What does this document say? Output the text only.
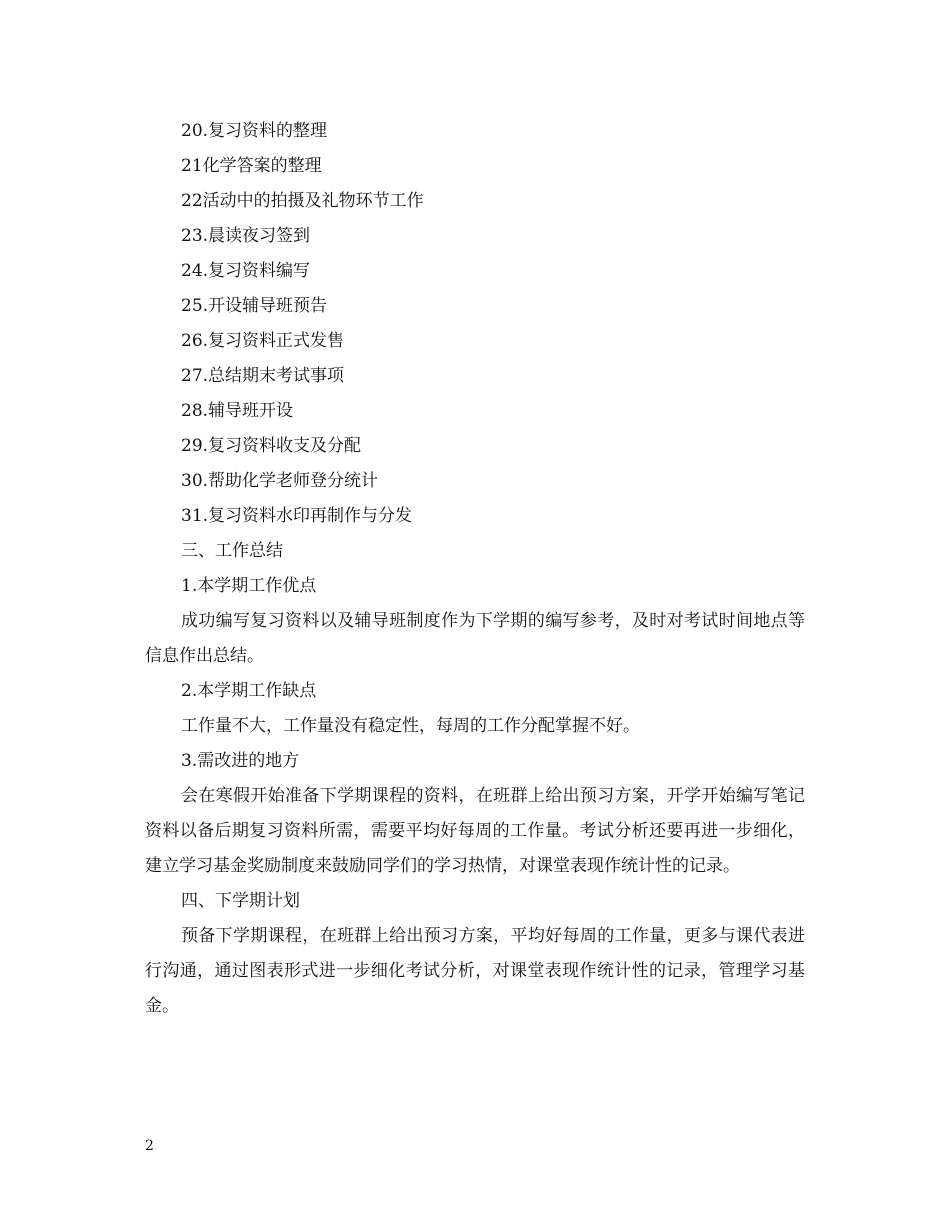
20.复习资料的整理
21化学答案的整理
22活动中的拍摄及礼物环节工作
23.晨读夜习签到
24.复习资料编写
25.开设辅导班预告
26.复习资料正式发售
27.总结期末考试事项
28.辅导班开设
29.复习资料收支及分配
30.帮助化学老师登分统计
31.复习资料水印再制作与分发
三、工作总结
1.本学期工作优点

成功编写复习资料以及辅导班制度作为下学期的编写参考，及时对考试时间地点等信息作出总结。

2.本学期工作缺点

工作量不大，工作量没有稳定性，每周的工作分配掌握不好。

3.需改进的地方

会在寒假开始准备下学期课程的资料，在班群上给出预习方案，开学开始编写笔记资料以备后期复习资料所需，需要平均好每周的工作量。考试分析还要再进一步细化，建立学习基金奖励制度来鼓励同学们的学习热情，对课堂表现作统计性的记录。

四、下学期计划

预备下学期课程，在班群上给出预习方案，平均好每周的工作量，更多与课代表进行沟通，通过图表形式进一步细化考试分析，对课堂表现作统计性的记录，管理学习基金。

2
